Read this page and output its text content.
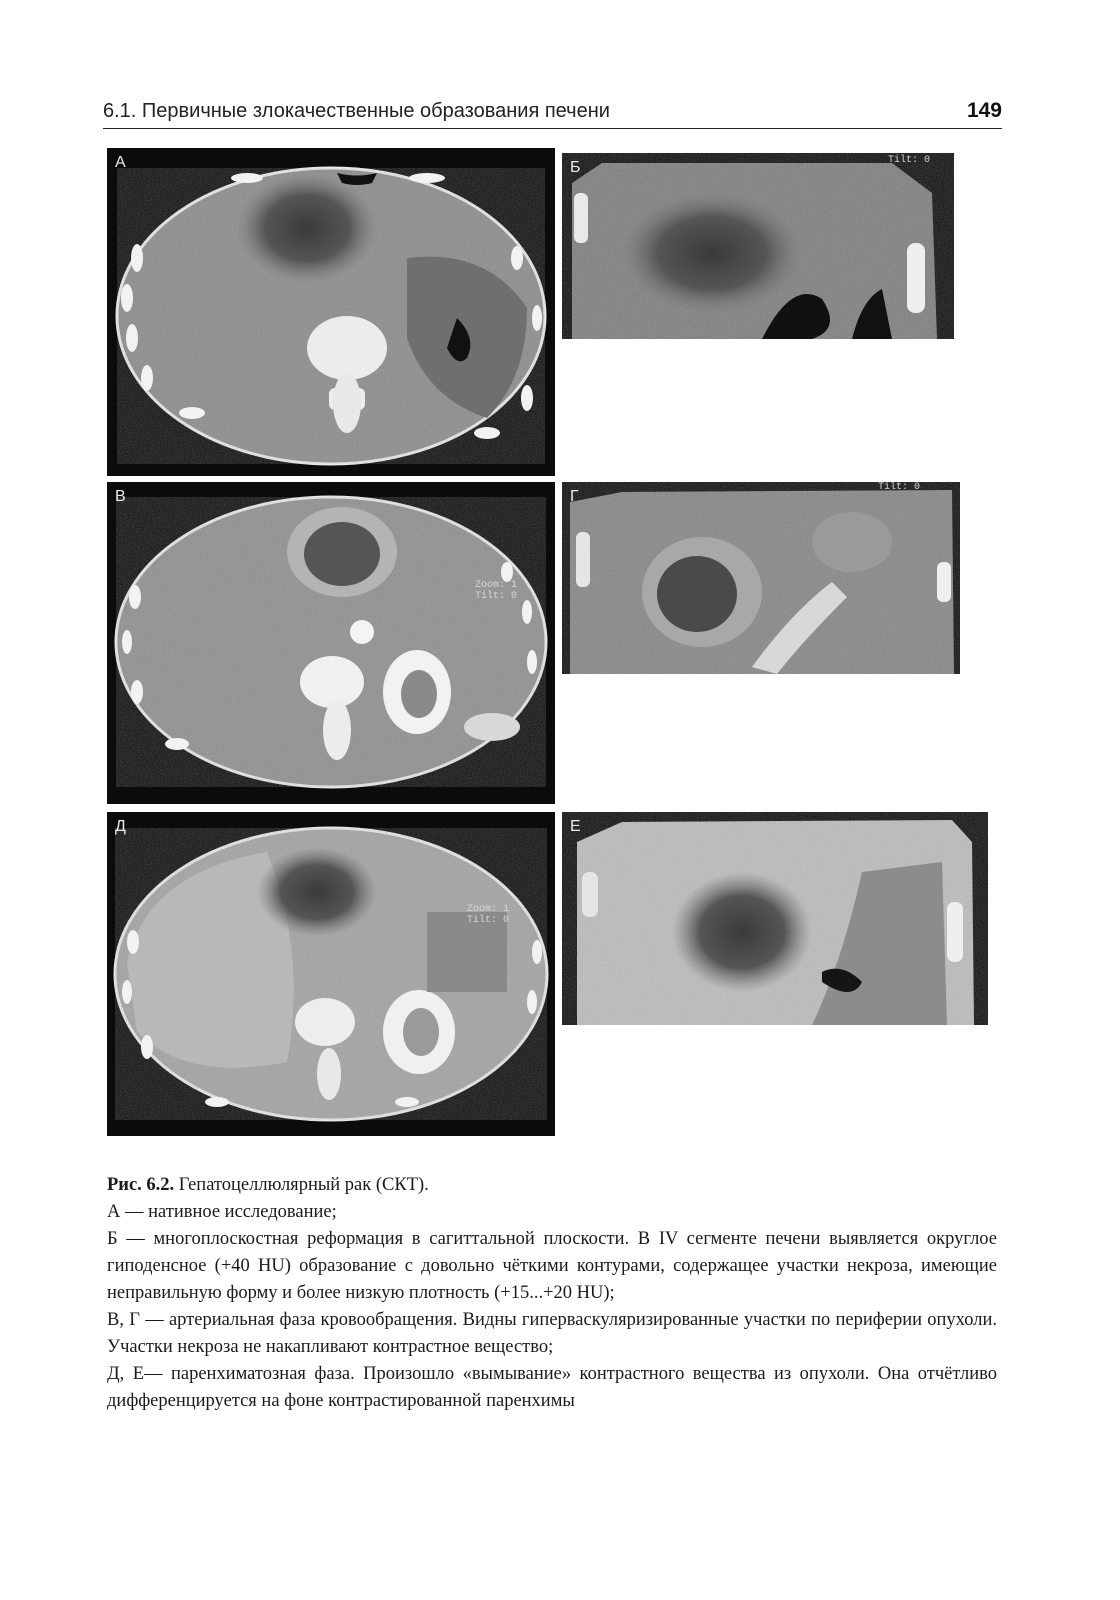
6.1. Первичные злокачественные образования печени	149
А	Б	Tilt: 0
В
Zoom: 1
Tilt: 0
Г
Tilt: 0
Д
Zoom: 1
Tilt: 0
Е

Рис. 6.2. Гепатоцеллюлярный рак (СКТ).

А — нативное исследование;

Б — многоплоскостная реформация в сагиттальной плоскости. В IV сегменте печени выявляется округлое гиподенсное (+40 HU) образование с довольно чёткими контурами, содержащее участки некроза, имеющие неправильную форму и более низкую плотность (+15...+20 HU);

В, Г — артериальная фаза кровообращения. Видны гиперваскуляризированные участки по периферии опухоли. Участки некроза не накапливают контрастное вещество;

Д, Е— паренхиматозная фаза. Произошло «вымывание» контрастного вещества из опухоли. Она отчётливо дифференцируется на фоне контрастированной паренхимы
